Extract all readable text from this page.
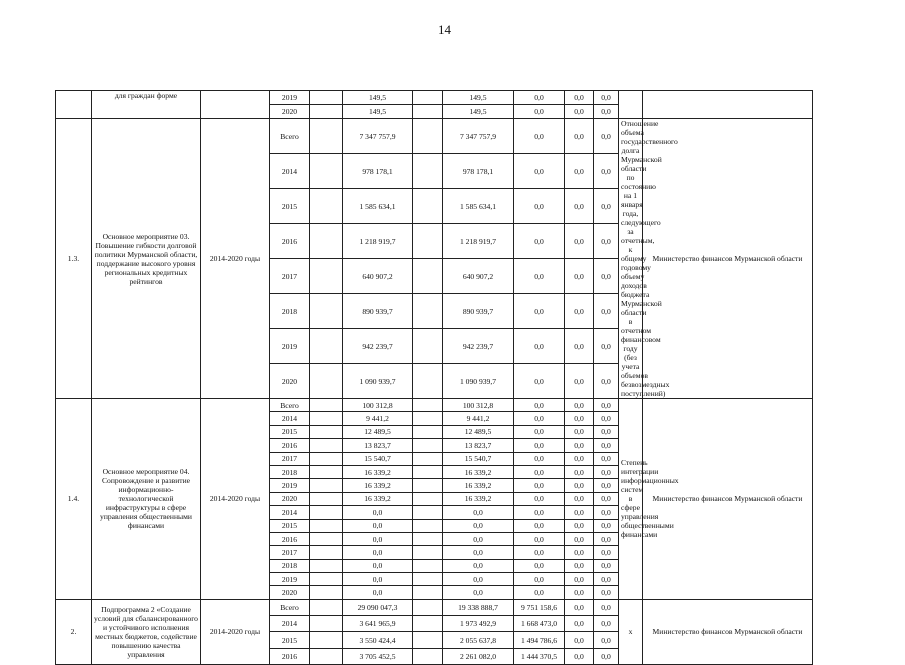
14
	для граждан форме		2019		149,5		149,5	0,0	0,0	0,0		
			2020		149,5		149,5	0,0	0,0	0,0		
1.3.	Основное мероприятие 03. Повышение гибкости долговой политики Мурманской области, поддержание высокого уровня региональных кредитных рейтингов	2014-2020 годы	Всего		7 347 757,9		7 347 757,9	0,0	0,0	0,0	Отношение объема государственного долга Мурманской области по состоянию на 1 января года, следующего за отчетным, к общему годовому объему доходов бюджета Мурманской области в отчетном финансовом году (без учета объемов безвозмездных поступлений)	Министерство финансов Мурманской области
			2014		978 178,1		978 178,1	0,0	0,0	0,0		
			2015		1 585 634,1		1 585 634,1	0,0	0,0	0,0		
			2016		1 218 919,7		1 218 919,7	0,0	0,0	0,0		
			2017		640 907,2		640 907,2	0,0	0,0	0,0		
			2018		890 939,7		890 939,7	0,0	0,0	0,0		
			2019		942 239,7		942 239,7	0,0	0,0	0,0		
			2020		1 090 939,7		1 090 939,7	0,0	0,0	0,0		
1.4.	Основное мероприятие 04. Сопровождение и развитие информационно-технологической инфраструктуры в сфере управления общественными финансами	2014-2020 годы	Всего		100 312,8		100 312,8	0,0	0,0	0,0	Степень интеграции информационных систем в сфере управления общественными финансами	Министерство финансов Мурманской области
			2014		9 441,2		9 441,2	0,0	0,0	0,0		
			2015		12 489,5		12 489,5	0,0	0,0	0,0		
			2016		13 823,7		13 823,7	0,0	0,0	0,0		
			2017		15 540,7		15 540,7	0,0	0,0	0,0		
			2018		16 339,2		16 339,2	0,0	0,0	0,0		
			2019		16 339,2		16 339,2	0,0	0,0	0,0		
			2020		16 339,2		16 339,2	0,0	0,0	0,0		
			2014		0,0		0,0	0,0	0,0	0,0		
			2015		0,0		0,0	0,0	0,0	0,0		
			2016		0,0		0,0	0,0	0,0	0,0		
			2017		0,0		0,0	0,0	0,0	0,0		
			2018		0,0		0,0	0,0	0,0	0,0		
			2019		0,0		0,0	0,0	0,0	0,0		
			2020		0,0		0,0	0,0	0,0	0,0		
2.	Подпрограмма 2 «Создание условий для сбалансированного и устойчивого исполнения местных бюджетов, содействие повышению качества управления	2014-2020 годы	Всего		29 090 047,3		19 338 888,7	9 751 158,6	0,0	0,0	х	Министерство финансов Мурманской области
			2014		3 641 965,9		1 973 492,9	1 668 473,0	0,0	0,0		
			2015		3 550 424,4		2 055 637,8	1 494 786,6	0,0	0,0		
			2016		3 705 452,5		2 261 082,0	1 444 370,5	0,0	0,0		
